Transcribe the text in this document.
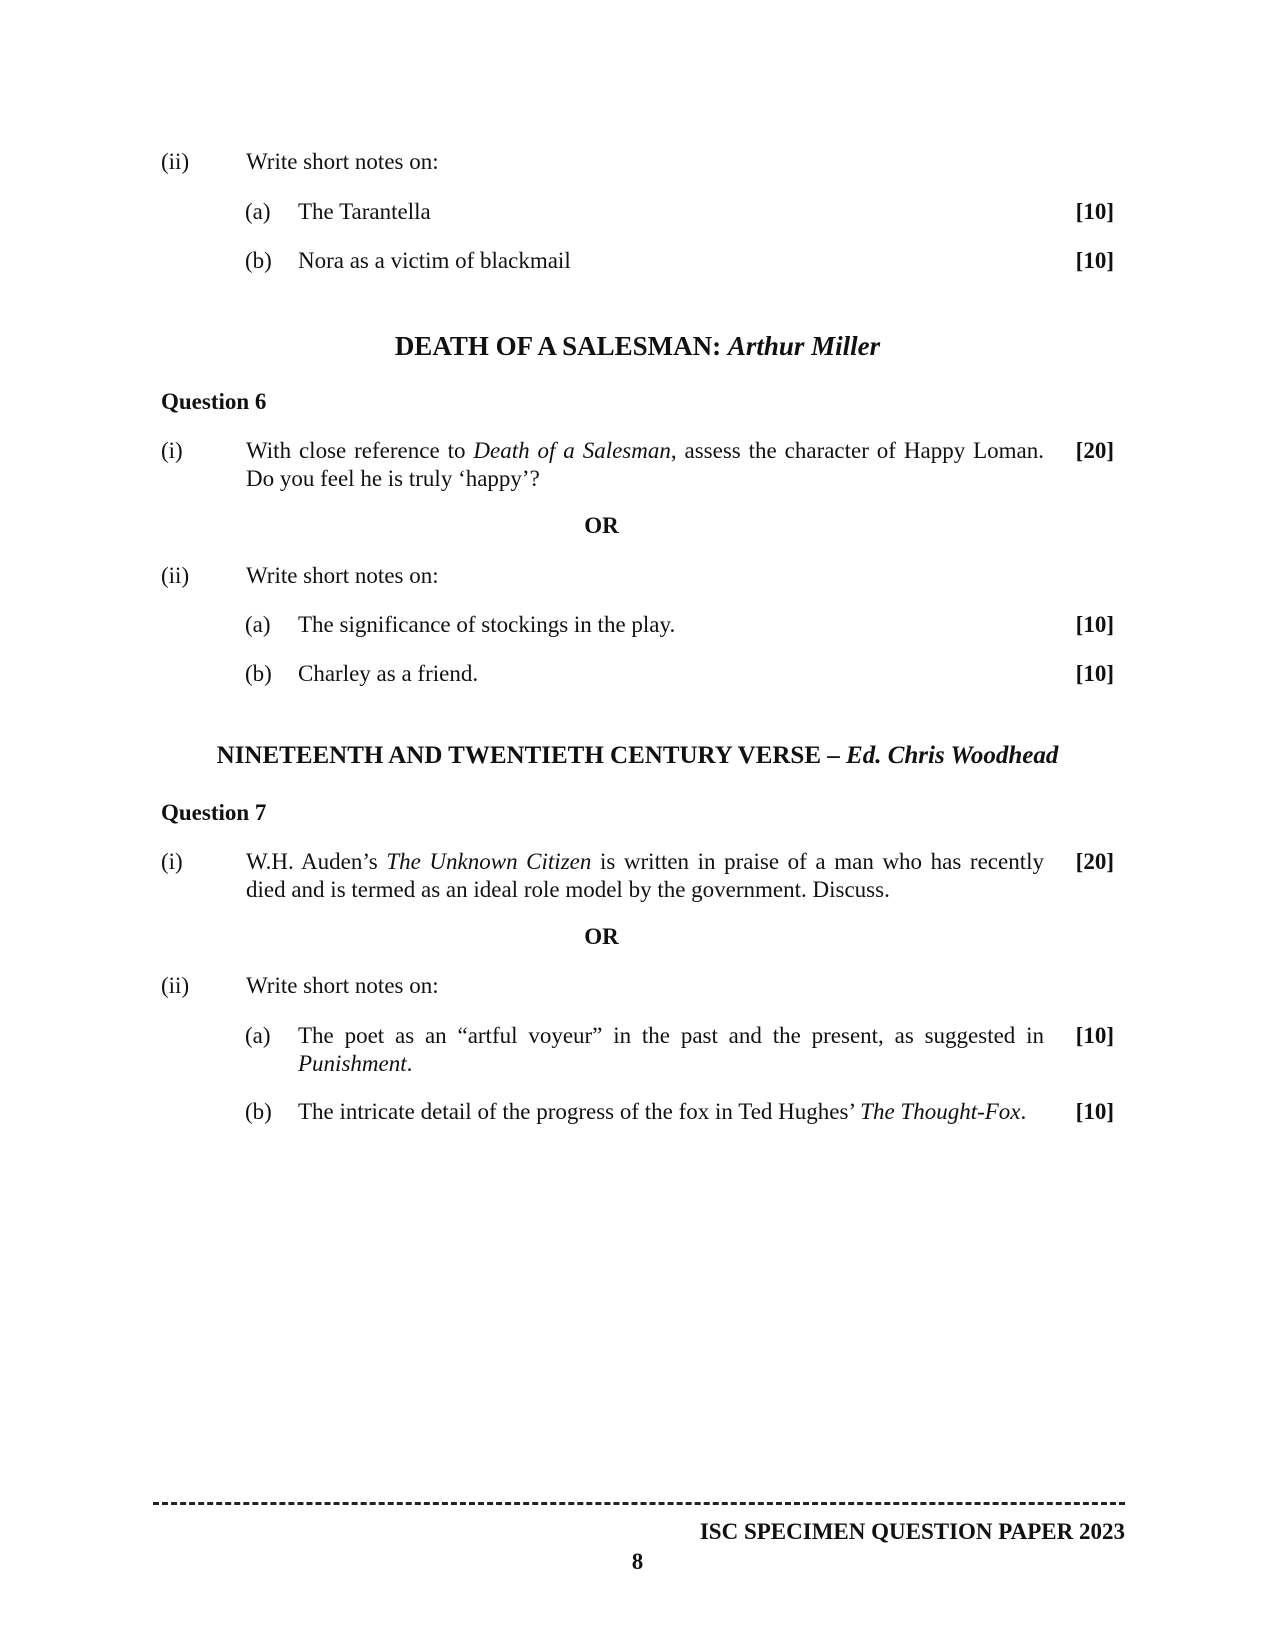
(ii) Write short notes on:
(a) The Tarantella	[10]
(b) Nora as a victim of blackmail	[10]
DEATH OF A SALESMAN: Arthur Miller
Question 6
(i)	With close reference to Death of a Salesman, assess the character of Happy Loman. Do you feel he is truly ‘happy’?
[20]
OR
(ii) Write short notes on:
(a) The significance of stockings in the play.	[10]
(b) Charley as a friend.	[10]
NINETEENTH AND TWENTIETH CENTURY VERSE – Ed. Chris Woodhead
Question 7
(i)	W.H. Auden’s The Unknown Citizen is written in praise of a man who has recently died and is termed as an ideal role model by the government. Discuss.
[20]
OR
(ii) Write short notes on:
(a) The poet as an “artful voyeur” in the past and the present, as suggested in Punishment.
[10]
(b) The intricate detail of the progress of the fox in Ted Hughes’ The Thought-Fox.	[10]
ISC SPECIMEN QUESTION PAPER 2023
8
